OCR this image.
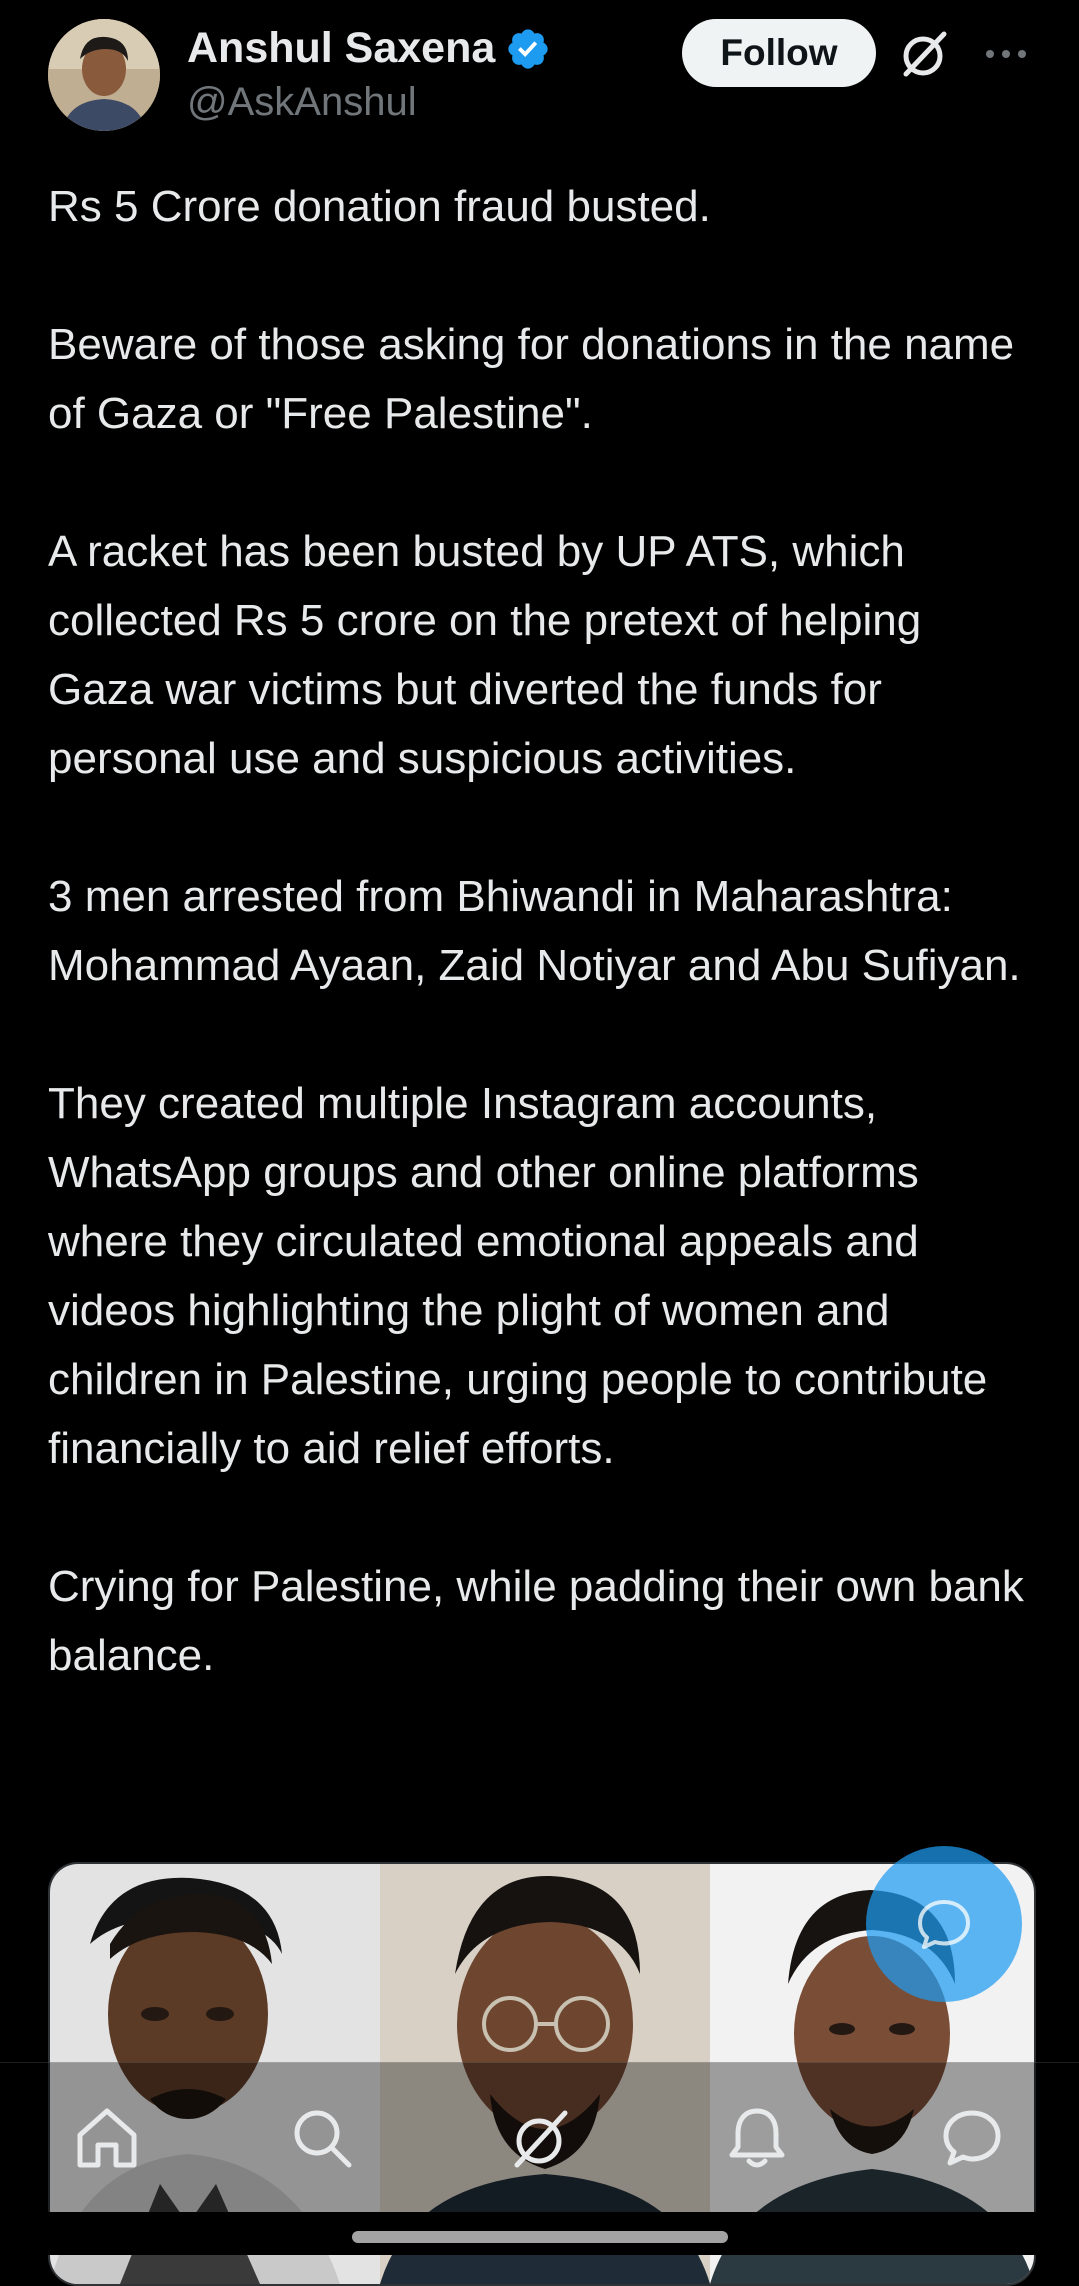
Anshul Saxena
@AskAnshul
Follow

Rs 5 Crore donation fraud busted.

Beware of those asking for donations in the name of Gaza or "Free Palestine".

A racket has been busted by UP ATS, which collected Rs 5 crore on the pretext of helping Gaza war victims but diverted the funds for personal use and suspicious activities.

3 men arrested from Bhiwandi in Maharashtra: Mohammad Ayaan, Zaid Notiyar and Abu Sufiyan.

They created multiple Instagram accounts, WhatsApp groups and other online platforms where they circulated emotional appeals and videos highlighting the plight of women and children in Palestine, urging people to contribute financially to aid relief efforts.

Crying for Palestine, while padding their own bank balance.
